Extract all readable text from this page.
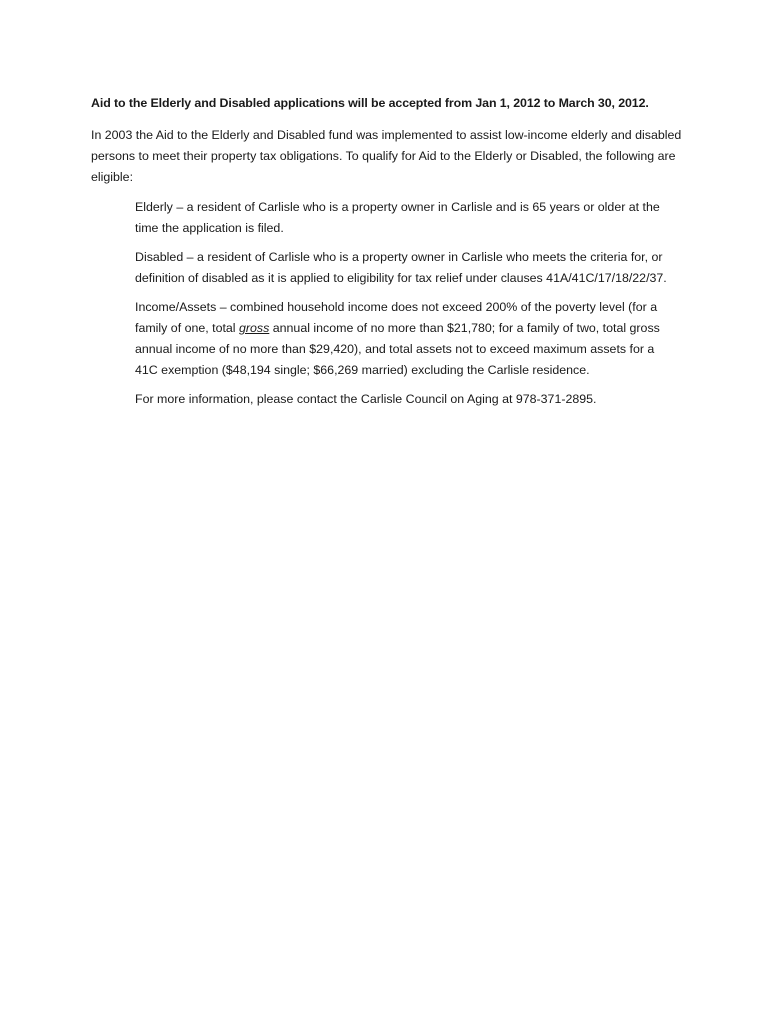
Aid to the Elderly and Disabled applications will be accepted from Jan 1, 2012 to March 30, 2012.

In 2003 the Aid to the Elderly and Disabled fund was implemented to assist low-income elderly and disabled persons to meet their property tax obligations. To qualify for Aid to the Elderly or Disabled, the following are eligible:

Elderly – a resident of Carlisle who is a property owner in Carlisle and is 65 years or older at the time the application is filed.

Disabled – a resident of Carlisle who is a property owner in Carlisle who meets the criteria for, or definition of disabled as it is applied to eligibility for tax relief under clauses 41A/41C/17/18/22/37.

Income/Assets – combined household income does not exceed 200% of the poverty level (for a family of one, total gross annual income of no more than $21,780; for a family of two, total gross annual income of no more than $29,420), and total assets not to exceed maximum assets for a 41C exemption ($48,194 single; $66,269 married) excluding the Carlisle residence.

For more information, please contact the Carlisle Council on Aging at 978-371-2895.
